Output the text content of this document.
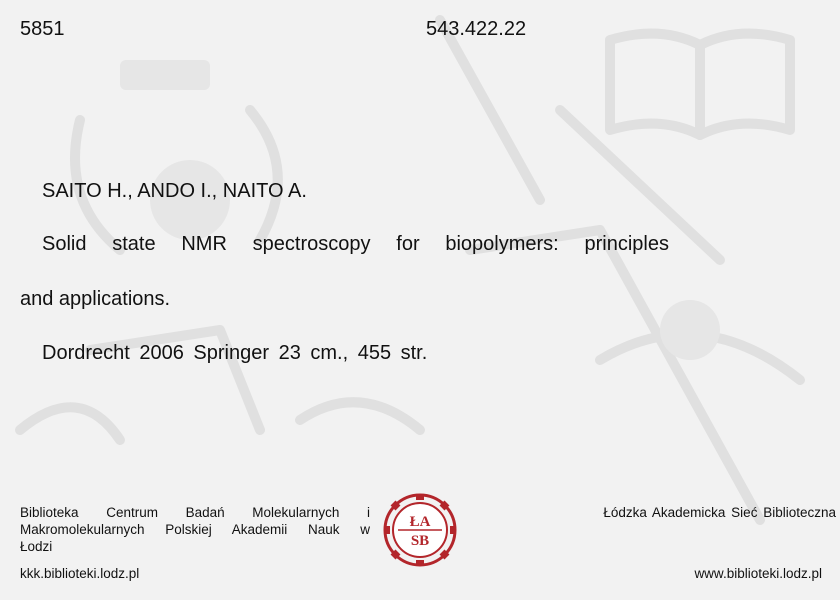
5851	543.422.22
SAITO H., ANDO I., NAITO A.
Solid state NMR spectroscopy for biopolymers: principles
and applications.
Dordrecht 2006 Springer 23 cm., 455 str.
Biblioteka Centrum Badań Molekularnych i
Makromolekularnych Polskiej Akademii Nauk w
Łodzi
ŁA
SB
Łódzka Akademicka Sieć Biblioteczna
kkk.biblioteki.lodz.pl	www.biblioteki.lodz.pl
